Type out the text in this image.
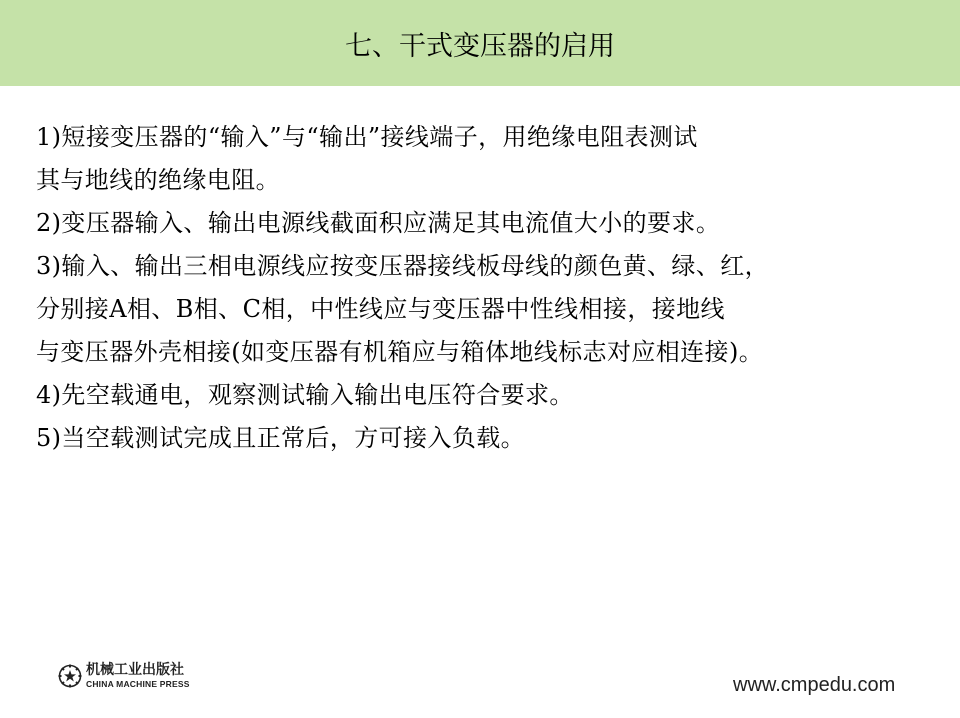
七、干式变压器的启用
1)短接变压器的“输入”与“输出”接线端子，用绝缘电阻表测试
其与地线的绝缘电阻。
2)变压器输入、输出电源线截面积应满足其电流值大小的要求。
3)输入、输出三相电源线应按变压器接线板母线的颜色黄、绿、红，
分别接A相、B相、C相，中性线应与变压器中性线相接，接地线
与变压器外壳相接(如变压器有机箱应与箱体地线标志对应相连接)。
4)先空载通电，观察测试输入输出电压符合要求。
5)当空载测试完成且正常后，方可接入负载。
机械工业出版社
CHINA MACHINE PRESS	www.cmpedu.com
